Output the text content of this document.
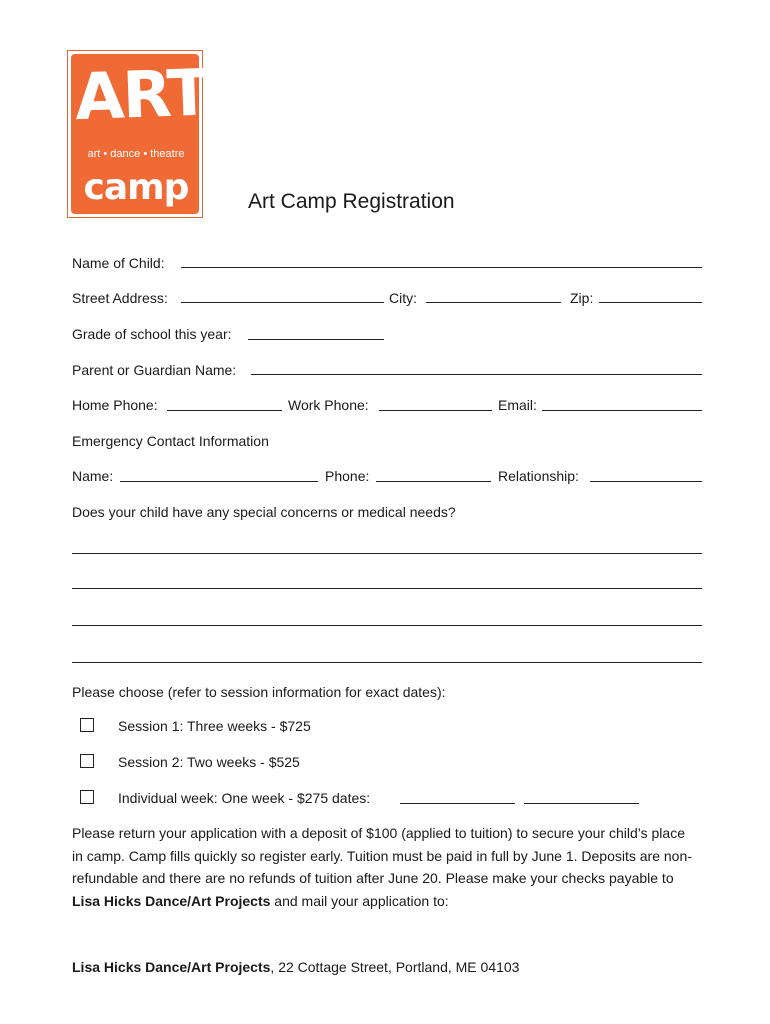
ART
art • dance • theatre
camp	Art Camp Registration
Name of Child:
Street Address:	City:	Zip:
Grade of school this year:
Parent or Guardian Name:
Home Phone:	Work Phone:	Email:
Emergency Contact Information
Name:	Phone:	Relationship:
Does your child have any special concerns or medical needs?
Please choose (refer to session information for exact dates):
Session 1: Three weeks - $725
Session 2: Two weeks - $525
Individual week: One week - $275 dates:
Please return your application with a deposit of $100 (applied to tuition) to secure your child’s place in camp. Camp fills quickly so register early. Tuition must be paid in full by June 1. Deposits are non-refundable and there are no refunds of tuition after June 20. Please make your checks payable to Lisa Hicks Dance/Art Projects and mail your application to:
Lisa Hicks Dance/Art Projects, 22 Cottage Street, Portland, ME 04103
